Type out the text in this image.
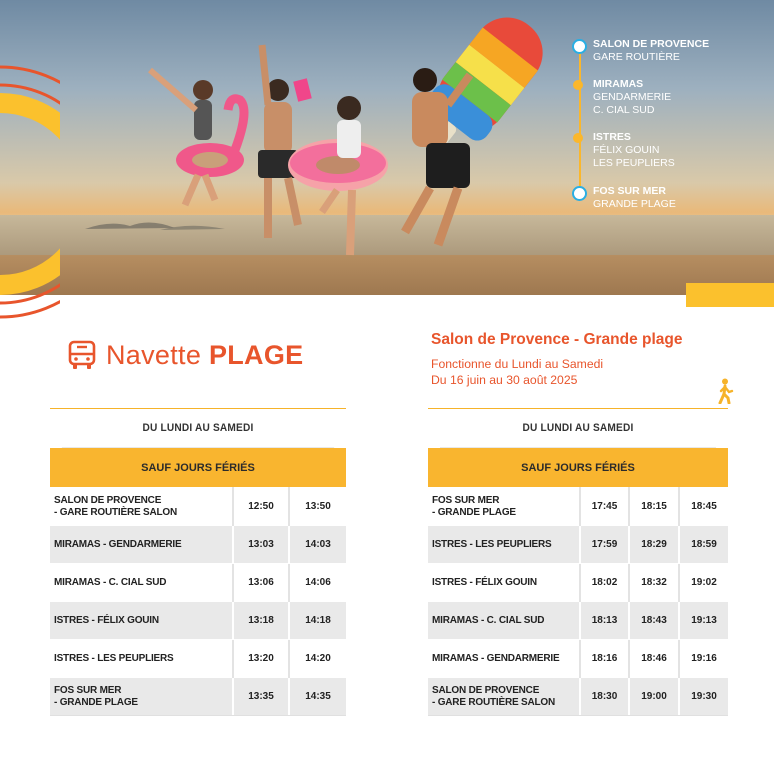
SALON DE PROVENCE
GARE ROUTIÈRE
MIRAMAS
GENDARMERIE
C. CIAL SUD
ISTRES
FÉLIX GOUIN
LES PEUPLIERS
FOS SUR MER
GRANDE PLAGE
Navette PLAGE	Salon de Provence - Grande plage
Fonctionne du Lundi au Samedi
Du 16 juin au 30 août 2025
DU LUNDI AU SAMEDI
SAUF JOURS FÉRIÉS
SALON DE PROVENCE
- GARE ROUTIÈRE SALON	12:50	13:50
MIRAMAS - GENDARMERIE	13:03	14:03
MIRAMAS - C. CIAL SUD	13:06	14:06
ISTRES - FÉLIX GOUIN	13:18	14:18
ISTRES - LES PEUPLIERS	13:20	14:20

FOS SUR MER
- GRANDE PLAGE	13:35	14:35
DU LUNDI AU SAMEDI
SAUF JOURS FÉRIÉS
FOS SUR MER
- GRANDE PLAGE	17:45	18:15	18:45
ISTRES - LES PEUPLIERS	17:59	18:29	18:59
ISTRES - FÉLIX GOUIN	18:02	18:32	19:02
MIRAMAS - C. CIAL SUD	18:13	18:43	19:13
MIRAMAS - GENDARMERIE	18:16	18:46	19:16

SALON DE PROVENCE
- GARE ROUTIÈRE SALON	18:30	19:00	19:30
